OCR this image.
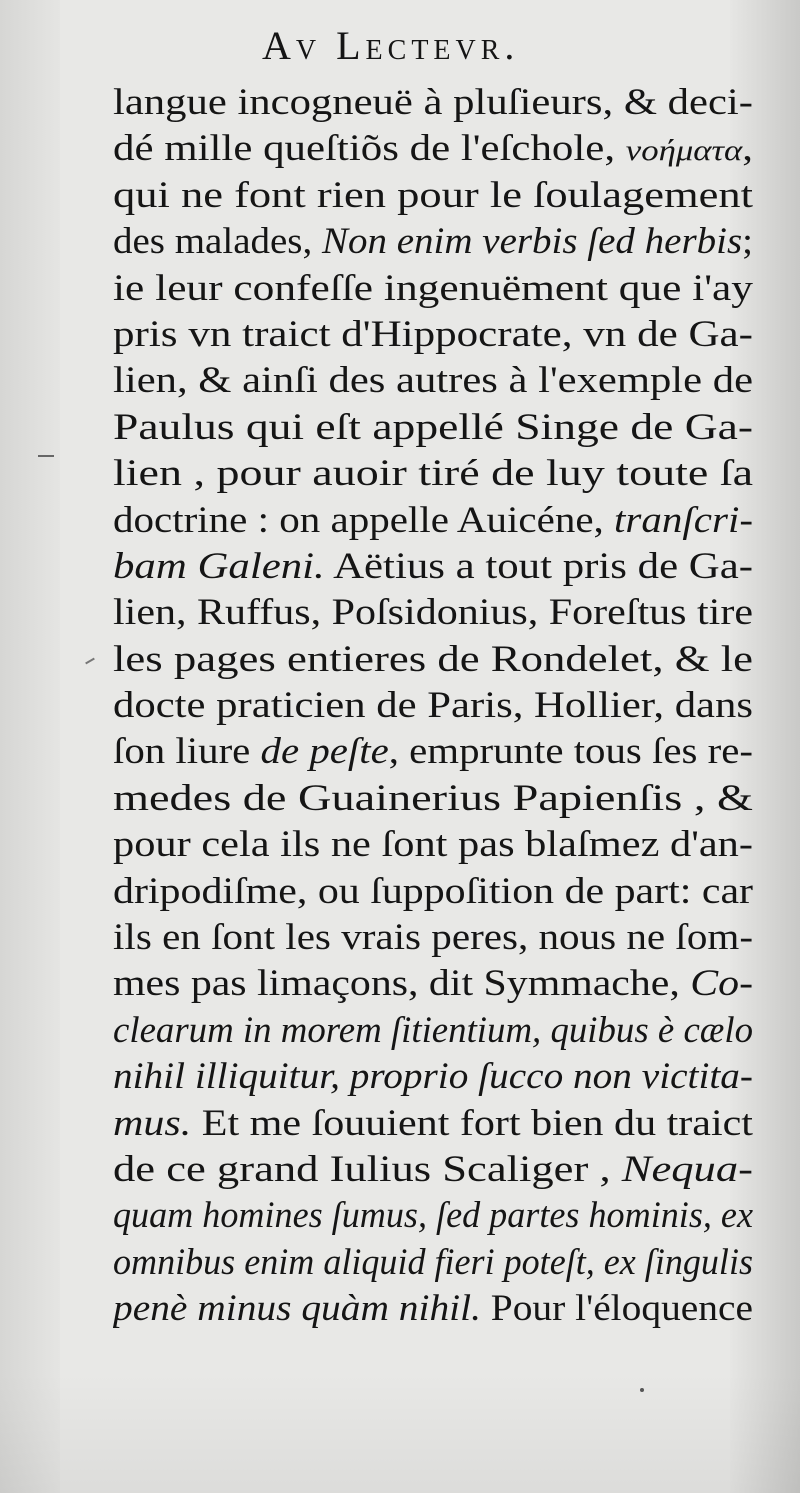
Av Lectevr.
langue incogneuë à pluſieurs, & deci-
dé mille queſtiõs de l'eſchole, νοήματα,
qui ne font rien pour le ſoulagement
des malades, Non enim verbis ſed herbis;
ie leur confeſſe ingenuëment que i'ay
pris vn traict d'Hippocrate, vn de Ga-
lien, & ainſi des autres à l'exemple de
Paulus qui eſt appellé Singe de Ga-
lien , pour auoir tiré de luy toute ſa
doctrine : on appelle Auicéne, tranſcri-
bam Galeni. Aëtius a tout pris de Ga-
lien, Ruffus, Poſsidonius, Foreſtus tire
les pages entieres de Rondelet, & le
docte praticien de Paris, Hollier, dans
ſon liure de peſte, emprunte tous ſes re-
medes de Guainerius Papienſis , &
pour cela ils ne ſont pas blaſmez d'an-
dripodiſme, ou ſuppoſition de part: car
ils en ſont les vrais peres, nous ne ſom-
mes pas limaçons, dit Symmache, Co-
clearum in morem ſitientium, quibus è cælo
nihil illiquitur, proprio ſucco non victita-
mus. Et me ſouuient fort bien du traict
de ce grand Iulius Scaliger , Nequa-
quam homines ſumus, ſed partes hominis, ex
omnibus enim aliquid fieri poteſt, ex ſingulis
penè minus quàm nihil. Pour l'éloquence
